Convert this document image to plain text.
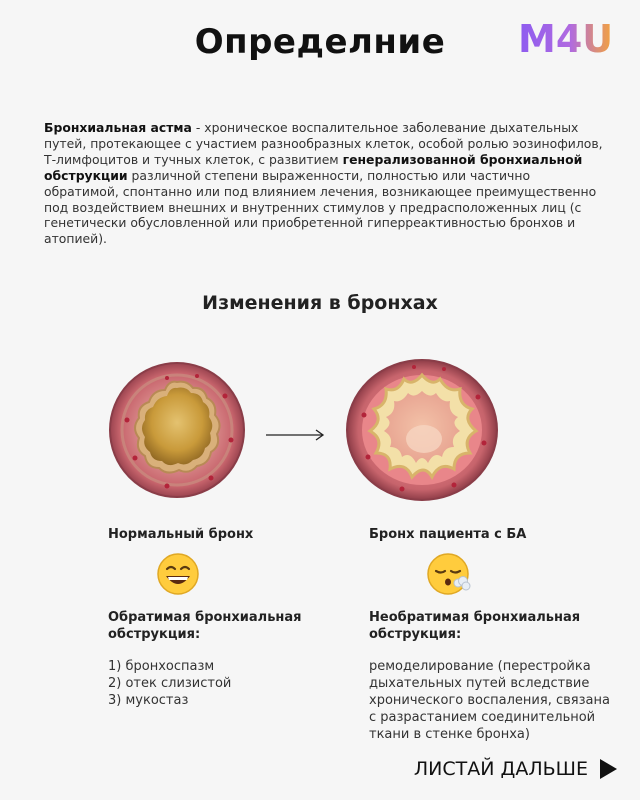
Определние	M4U
Бронхиальная астма - хроническое воспалительное заболевание дыхательных путей, протекающее с участием разнообразных клеток, особой ролью эозинофилов, Т-лимфоцитов и тучных клеток, с развитием генерализованной бронхиальной обструкции различной степени выраженности, полностью или частично обратимой, спонтанно или под влиянием лечения, возникающее преимущественно под воздействием внешних и внутренних стимулов у предрасположенных лиц (с генетически обусловленной или приобретенной гиперреактивностью бронхов и атопией).
Изменения в бронхах
Нормальный бронх
Обратимая бронхиальная обструкция:
1) бронхоспазм
2) отек слизистой
3) мукостаз
Бронх пациента с БА
Необратимая бронхиальная обструкция:
ремоделирование (перестройка дыхательных путей вследствие хронического воспаления, связана с разрастанием соединительной ткани в стенке бронха)
ЛИСТАЙ ДАЛЬШЕ
